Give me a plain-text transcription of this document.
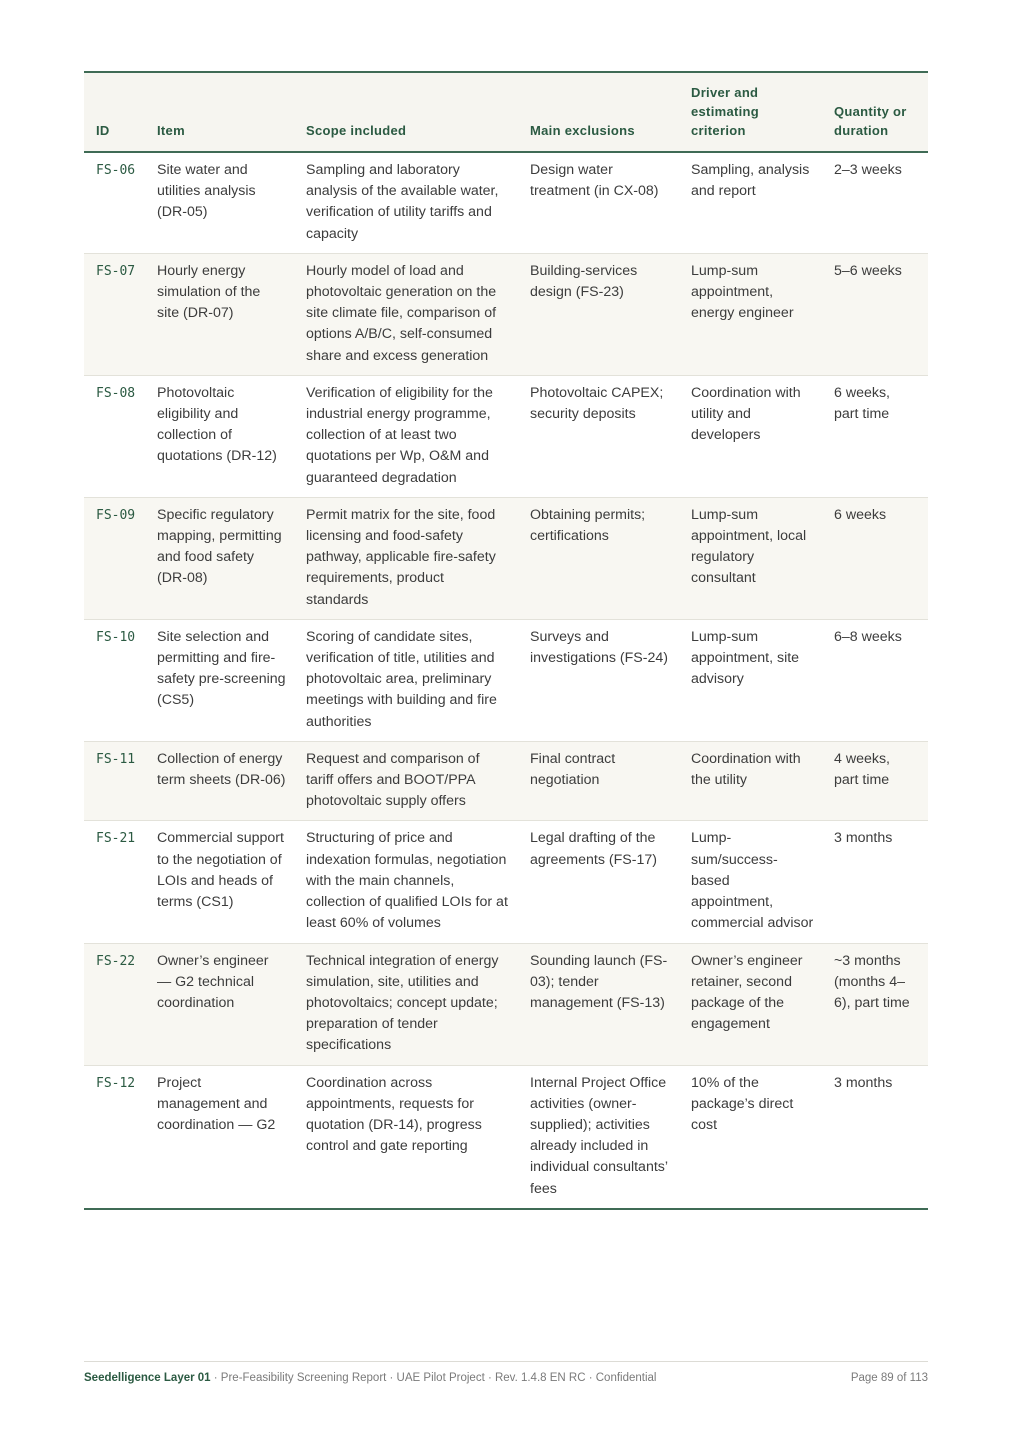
ID	Item	Scope included	Main exclusions	Driver and estimating criterion	Quantity or duration
FS-06	Site water and utilities analysis (DR-05)	Sampling and laboratory analysis of the available water, verification of utility tariffs and capacity	Design water treatment (in CX-08)	Sampling, analysis and report	2–3 weeks
FS-07	Hourly energy simulation of the site (DR-07)	Hourly model of load and photovoltaic generation on the site climate file, comparison of options A/B/C, self-consumed share and excess generation	Building-services design (FS-23)	Lump-sum appointment, energy engineer	5–6 weeks
FS-08	Photovoltaic eligibility and collection of quotations (DR-12)	Verification of eligibility for the industrial energy programme, collection of at least two quotations per Wp, O&M and guaranteed degradation	Photovoltaic CAPEX; security deposits	Coordination with utility and developers	6 weeks, part time
FS-09	Specific regulatory mapping, permitting and food safety (DR-08)	Permit matrix for the site, food licensing and food-safety pathway, applicable fire-safety requirements, product standards	Obtaining permits; certifications	Lump-sum appointment, local regulatory consultant	6 weeks
FS-10	Site selection and permitting and fire-safety pre-screening (CS5)	Scoring of candidate sites, verification of title, utilities and photovoltaic area, preliminary meetings with building and fire authorities	Surveys and investigations (FS-24)	Lump-sum appointment, site advisory	6–8 weeks
FS-11	Collection of energy term sheets (DR-06)	Request and comparison of tariff offers and BOOT/PPA photovoltaic supply offers	Final contract negotiation	Coordination with the utility	4 weeks, part time
FS-21	Commercial support to the negotiation of LOIs and heads of terms (CS1)	Structuring of price and indexation formulas, negotiation with the main channels, collection of qualified LOIs for at least 60% of volumes	Legal drafting of the agreements (FS-17)	Lump-sum/success-based appointment, commercial advisor	3 months
FS-22	Owner’s engineer — G2 technical coordination	Technical integration of energy simulation, site, utilities and photovoltaics; concept update; preparation of tender specifications	Sounding launch (FS-03); tender management (FS-13)	Owner’s engineer retainer, second package of the engagement	~3 months (months 4–6), part time
FS-12	Project management and coordination — G2	Coordination across appointments, requests for quotation (DR-14), progress control and gate reporting	Internal Project Office activities (owner-supplied); activities already included in individual consultants’ fees	10% of the package’s direct cost	3 months
Seedelligence Layer 01 · Pre-Feasibility Screening Report · UAE Pilot Project · Rev. 1.4.8 EN RC · Confidential	Page 89 of 113
